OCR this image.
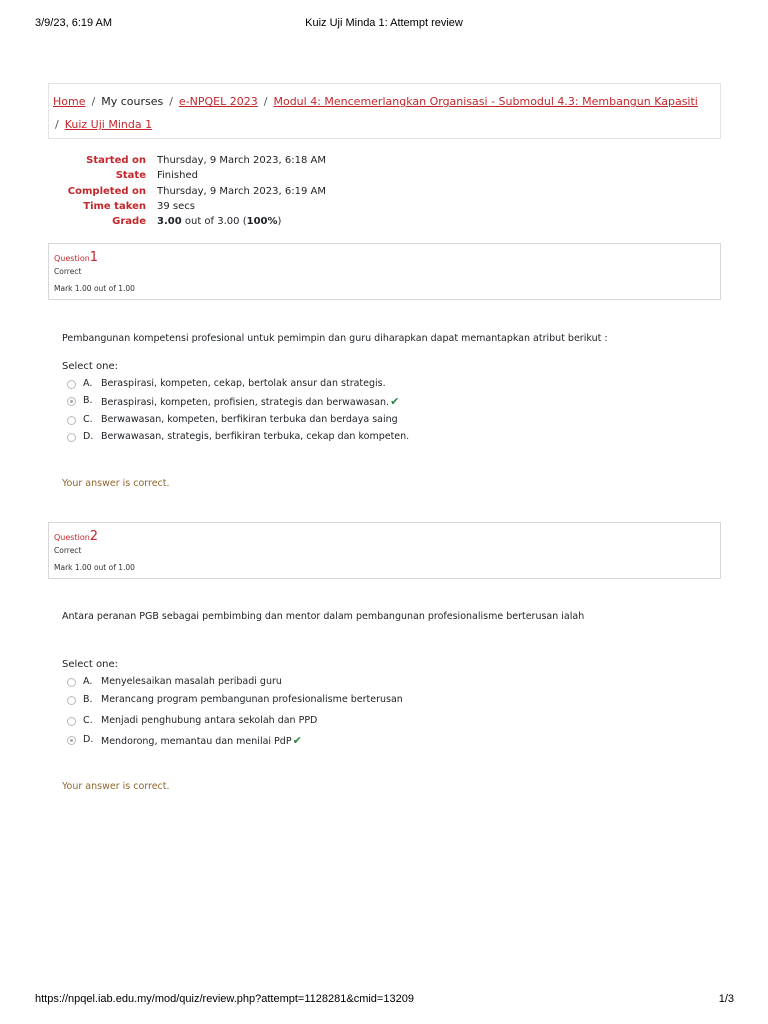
3/9/23, 6:19 AM	Kuiz Uji Minda 1: Attempt review
Home / My courses / e-NPQEL 2023 / Modul 4: Mencemerlangkan Organisasi - Submodul 4.3: Membangun Kapasiti
/ Kuiz Uji Minda 1
Started on Thursday, 9 March 2023, 6:18 AM
State Finished
Completed on Thursday, 9 March 2023, 6:19 AM
Time taken 39 secs
Grade 3.00 out of 3.00 (100%)
Question1
Correct
Mark 1.00 out of 1.00
Pembangunan kompetensi profesional untuk pemimpin dan guru diharapkan dapat memantapkan atribut berikut :
Select one:
A. Beraspirasi, kompeten, cekap, bertolak ansur dan strategis.
B. Beraspirasi, kompeten, profisien, strategis dan berwawasan.✔
C. Berwawasan, kompeten, berfikiran terbuka dan berdaya saing
D. Berwawasan, strategis, berfikiran terbuka, cekap dan kompeten.
Your answer is correct.
Question2
Correct
Mark 1.00 out of 1.00
Antara peranan PGB sebagai pembimbing dan mentor dalam pembangunan profesionalisme berterusan ialah
Select one:
A. Menyelesaikan masalah peribadi guru
B. Merancang program pembangunan profesionalisme berterusan
C. Menjadi penghubung antara sekolah dan PPD
D. Mendorong, memantau dan menilai PdP✔
Your answer is correct.
https://npqel.iab.edu.my/mod/quiz/review.php?attempt=1128281&cmid=13209	1/3
